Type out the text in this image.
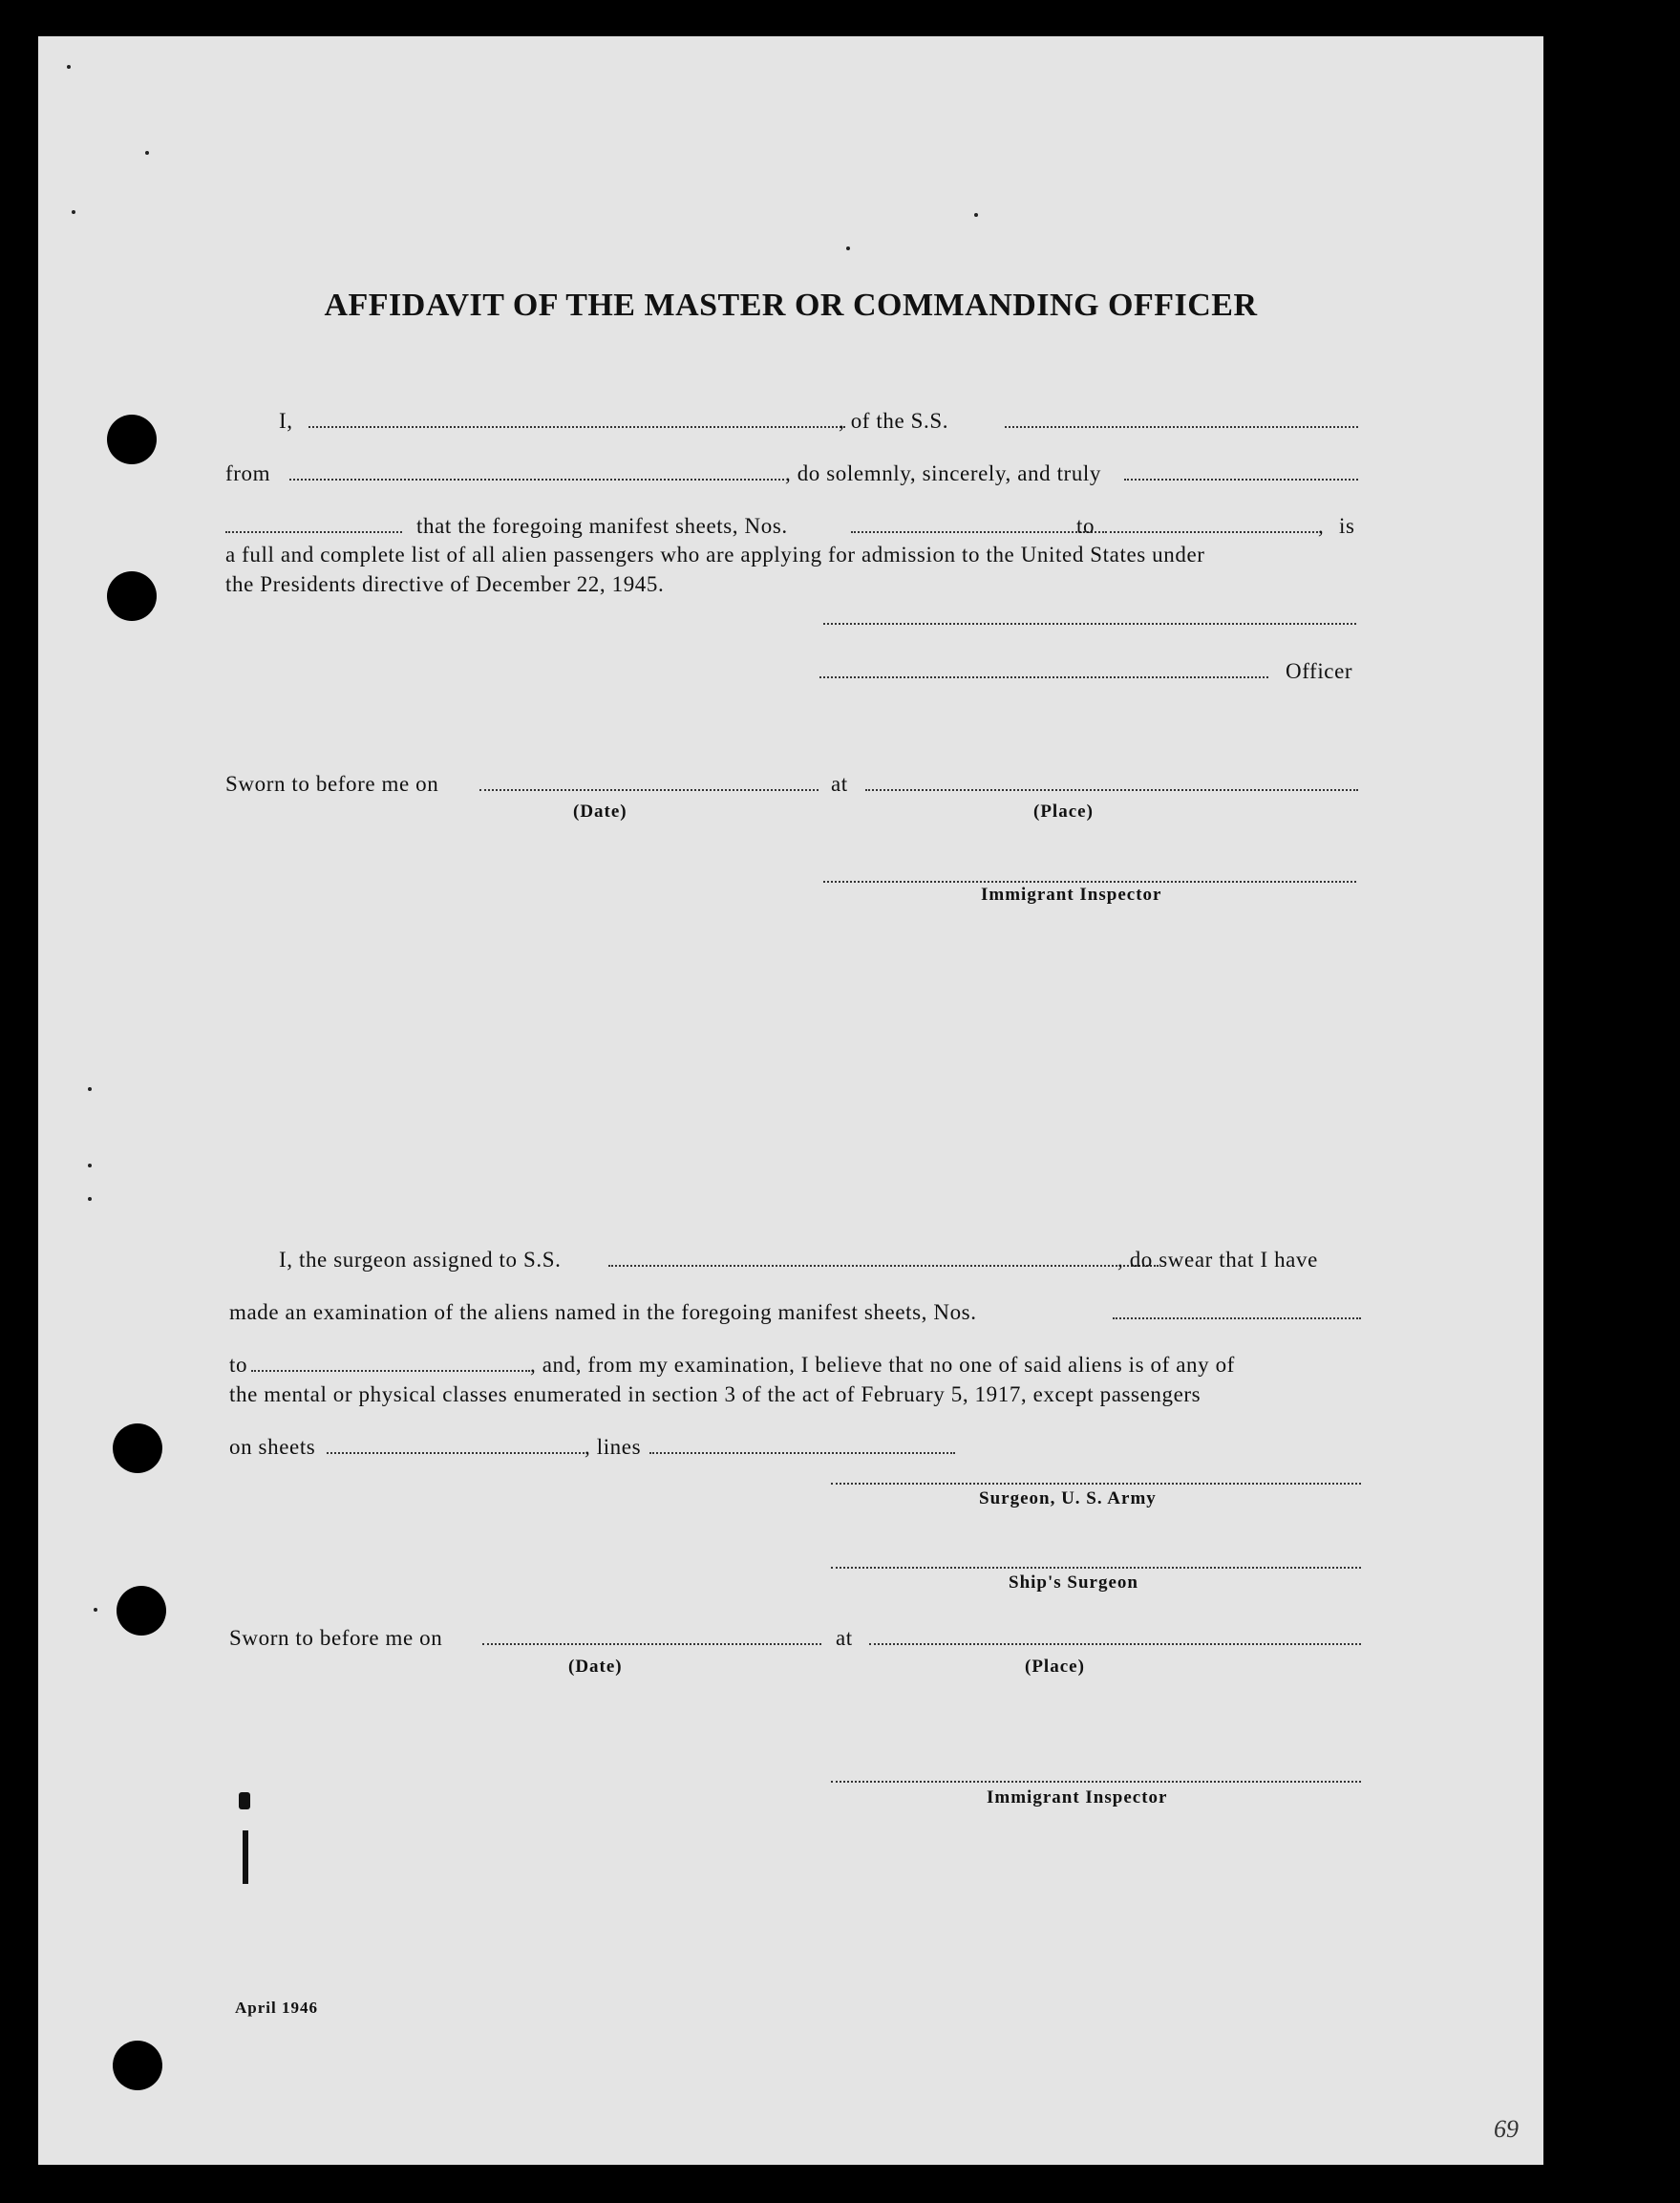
AFFIDAVIT OF THE MASTER OR COMMANDING OFFICER
I,	, of the S.S.
from	, do solemnly, sincerely, and truly
that the foregoing manifest sheets, Nos.	to	, is
a full and complete list of all alien passengers who are applying for admission to the United States under
the Presidents directive of December 22, 1945.
Officer
Sworn to before me on	at
(Date)	(Place)
Immigrant Inspector
I, the surgeon assigned to S.S.	, do swear that I have
made an examination of the aliens named in the foregoing manifest sheets, Nos.
to	, and, from my examination, I believe that no one of said aliens is of any of
the mental or physical classes enumerated in section 3 of the act of February 5, 1917, except passengers
on sheets	, lines
Surgeon, U. S. Army
Ship's Surgeon
Sworn to before me on	at
(Date)	(Place)
Immigrant Inspector
April 1946
69
